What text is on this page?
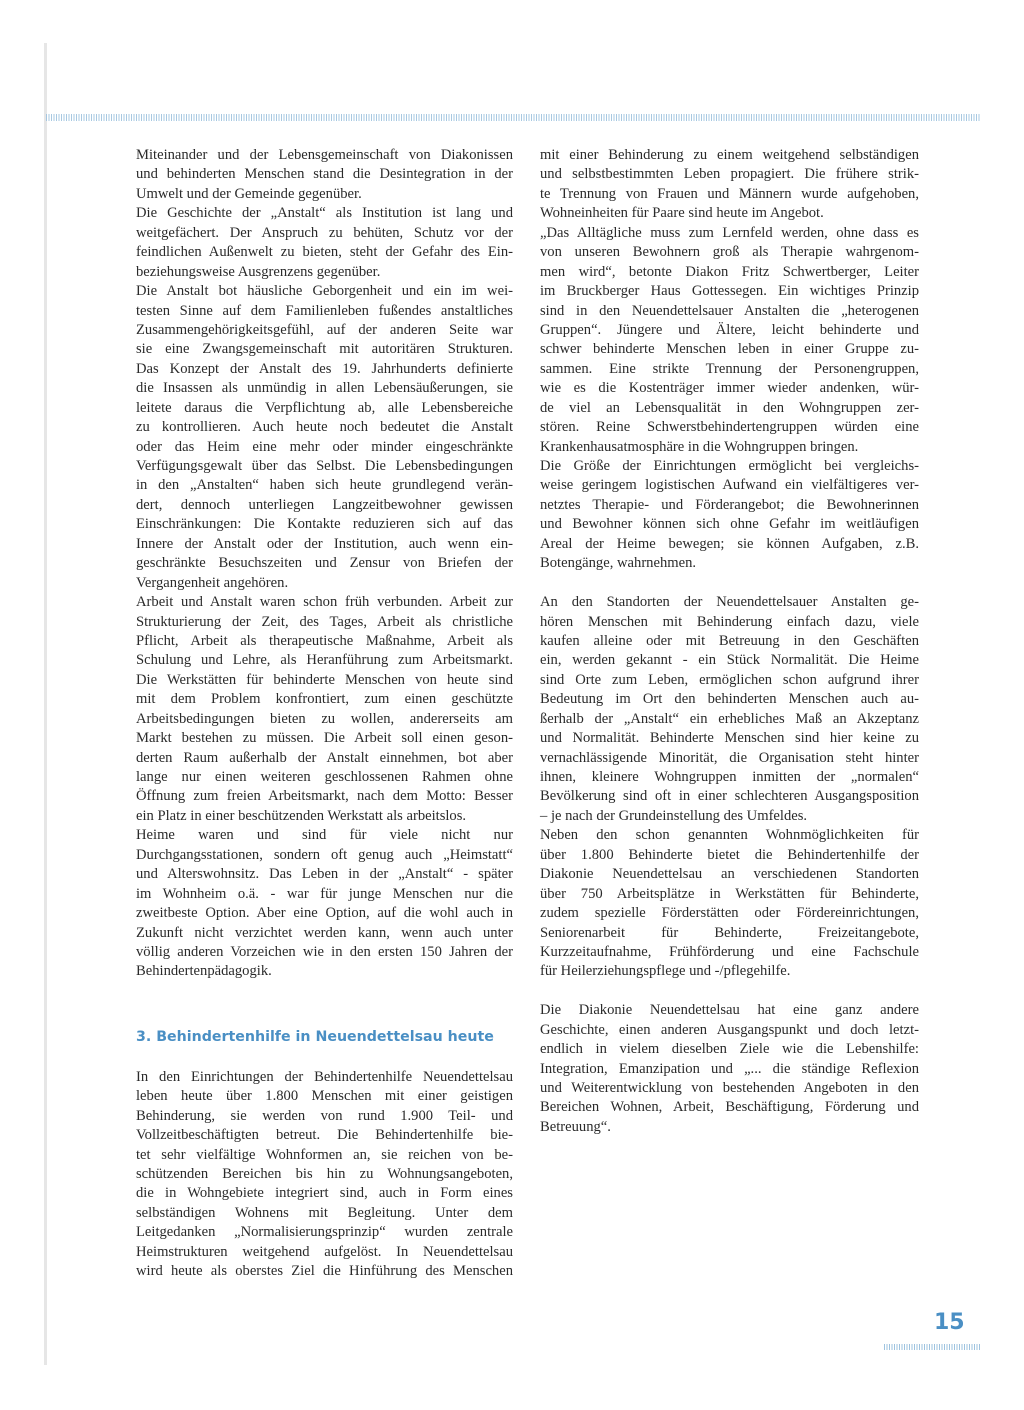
Miteinander und der Lebensgemeinschaft von Diakonissen
und behinderten Menschen stand die Desintegration in der
Umwelt und der Gemeinde gegenüber.
Die Geschichte der „Anstalt“ als Institution ist lang und
weitgefächert. Der Anspruch zu behüten, Schutz vor der
feindlichen Außenwelt zu bieten, steht der Gefahr des Ein-
beziehungsweise Ausgrenzens gegenüber.
Die Anstalt bot häusliche Geborgenheit und ein im wei-
testen Sinne auf dem Familienleben fußendes anstaltliches
Zusammengehörigkeitsgefühl, auf der anderen Seite war
sie eine Zwangsgemeinschaft mit autoritären Strukturen.
Das Konzept der Anstalt des 19. Jahrhunderts definierte
die Insassen als unmündig in allen Lebensäußerungen, sie
leitete daraus die Verpflichtung ab, alle Lebensbereiche
zu kontrollieren. Auch heute noch bedeutet die Anstalt
oder das Heim eine mehr oder minder eingeschränkte
Verfügungsgewalt über das Selbst. Die Lebensbedingungen
in den „Anstalten“ haben sich heute grundlegend verän-
dert, dennoch unterliegen Langzeitbewohner gewissen
Einschränkungen: Die Kontakte reduzieren sich auf das
Innere der Anstalt oder der Institution, auch wenn ein-
geschränkte Besuchszeiten und Zensur von Briefen der
Vergangenheit angehören.
Arbeit und Anstalt waren schon früh verbunden. Arbeit zur
Strukturierung der Zeit, des Tages, Arbeit als christliche
Pflicht, Arbeit als therapeutische Maßnahme, Arbeit als
Schulung und Lehre, als Heranführung zum Arbeitsmarkt.
Die Werkstätten für behinderte Menschen von heute sind
mit dem Problem konfrontiert, zum einen geschützte
Arbeitsbedingungen bieten zu wollen, andererseits am
Markt bestehen zu müssen. Die Arbeit soll einen geson-
derten Raum außerhalb der Anstalt einnehmen, bot aber
lange nur einen weiteren geschlossenen Rahmen ohne
Öffnung zum freien Arbeitsmarkt, nach dem Motto: Besser
ein Platz in einer beschützenden Werkstatt als arbeitslos.
Heime waren und sind für viele nicht nur
Durchgangsstationen, sondern oft genug auch „Heimstatt“
und Alterswohnsitz. Das Leben in der „Anstalt“ - später
im Wohnheim o.ä. - war für junge Menschen nur die
zweitbeste Option. Aber eine Option, auf die wohl auch in
Zukunft nicht verzichtet werden kann, wenn auch unter
völlig anderen Vorzeichen wie in den ersten 150 Jahren der
Behindertenpädagogik.
3. Behindertenhilfe in Neuendettelsau heute
In den Einrichtungen der Behindertenhilfe Neuendettelsau
leben heute über 1.800 Menschen mit einer geistigen
Behinderung, sie werden von rund 1.900 Teil- und
Vollzeitbeschäftigten betreut. Die Behindertenhilfe bie-
tet sehr vielfältige Wohnformen an, sie reichen von be-
schützenden Bereichen bis hin zu Wohnungsangeboten,
die in Wohngebiete integriert sind, auch in Form eines
selbständigen Wohnens mit Begleitung. Unter dem
Leitgedanken „Normalisierungsprinzip“ wurden zentrale
Heimstrukturen weitgehend aufgelöst. In Neuendettelsau
wird heute als oberstes Ziel die Hinführung des Menschen
mit einer Behinderung zu einem weitgehend selbständigen
und selbstbestimmten Leben propagiert. Die frühere strik-
te Trennung von Frauen und Männern wurde aufgehoben,
Wohneinheiten für Paare sind heute im Angebot.
„Das Alltägliche muss zum Lernfeld werden, ohne dass es
von unseren Bewohnern groß als Therapie wahrgenom-
men wird“, betonte Diakon Fritz Schwertberger, Leiter
im Bruckberger Haus Gottessegen. Ein wichtiges Prinzip
sind in den Neuendettelsauer Anstalten die „heterogenen
Gruppen“. Jüngere und Ältere, leicht behinderte und
schwer behinderte Menschen leben in einer Gruppe zu-
sammen. Eine strikte Trennung der Personengruppen,
wie es die Kostenträger immer wieder andenken, wür-
de viel an Lebensqualität in den Wohngruppen zer-
stören. Reine Schwerstbehindertengruppen würden eine
Krankenhausatmosphäre in die Wohngruppen bringen.
Die Größe der Einrichtungen ermöglicht bei vergleichs-
weise geringem logistischen Aufwand ein vielfältigeres ver-
netztes Therapie- und Förderangebot; die Bewohnerinnen
und Bewohner können sich ohne Gefahr im weitläufigen
Areal der Heime bewegen; sie können Aufgaben, z.B.
Botengänge, wahrnehmen.
An den Standorten der Neuendettelsauer Anstalten ge-
hören Menschen mit Behinderung einfach dazu, viele
kaufen alleine oder mit Betreuung in den Geschäften
ein, werden gekannt - ein Stück Normalität. Die Heime
sind Orte zum Leben, ermöglichen schon aufgrund ihrer
Bedeutung im Ort den behinderten Menschen auch au-
ßerhalb der „Anstalt“ ein erhebliches Maß an Akzeptanz
und Normalität. Behinderte Menschen sind hier keine zu
vernachlässigende Minorität, die Organisation steht hinter
ihnen, kleinere Wohngruppen inmitten der „normalen“
Bevölkerung sind oft in einer schlechteren Ausgangsposition
– je nach der Grundeinstellung des Umfeldes.
Neben den schon genannten Wohnmöglichkeiten für
über 1.800 Behinderte bietet die Behindertenhilfe der
Diakonie Neuendettelsau an verschiedenen Standorten
über 750 Arbeitsplätze in Werkstätten für Behinderte,
zudem spezielle Förderstätten oder Fördereinrichtungen,
Seniorenarbeit für Behinderte, Freizeitangebote,
Kurzzeitaufnahme, Frühförderung und eine Fachschule
für Heilerziehungspflege und -/pflegehilfe.
Die Diakonie Neuendettelsau hat eine ganz andere
Geschichte, einen anderen Ausgangspunkt und doch letzt-
endlich in vielem dieselben Ziele wie die Lebenshilfe:
Integration, Emanzipation und „... die ständige Reflexion
und Weiterentwicklung von bestehenden Angeboten in den
Bereichen Wohnen, Arbeit, Beschäftigung, Förderung und
Betreuung“.
15
